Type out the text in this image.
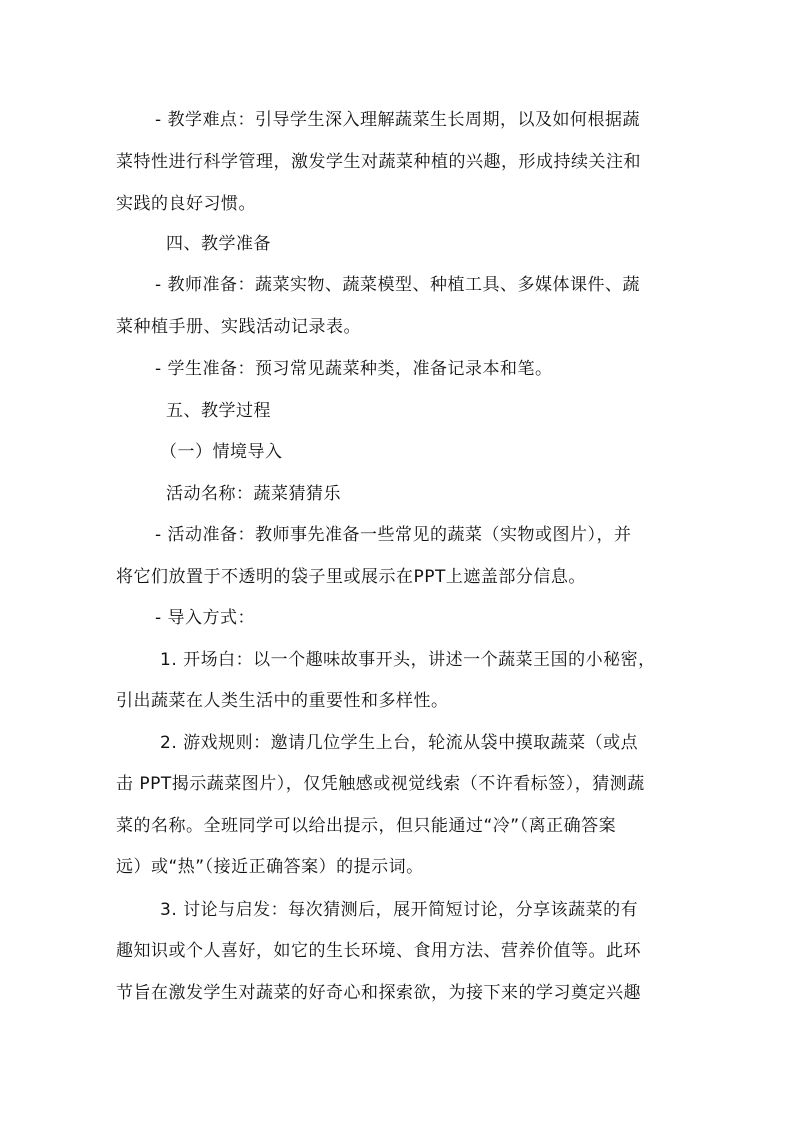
- 教学难点：引导学生深入理解蔬菜生长周期，以及如何根据蔬
菜特性进行科学管理，激发学生对蔬菜种植的兴趣，形成持续关注和
实践的良好习惯。
四、教学准备
- 教师准备：蔬菜实物、蔬菜模型、种植工具、多媒体课件、蔬
菜种植手册、实践活动记录表。
- 学生准备：预习常见蔬菜种类，准备记录本和笔。
五、教学过程
（一）情境导入
活动名称：蔬菜猜猜乐
- 活动准备：教师事先准备一些常见的蔬菜（实物或图片），并
将它们放置于不透明的袋子里或展示在PPT上遮盖部分信息。
- 导入方式：
1. 开场白：以一个趣味故事开头，讲述一个蔬菜王国的小秘密，
引出蔬菜在人类生活中的重要性和多样性。
2. 游戏规则：邀请几位学生上台，轮流从袋中摸取蔬菜（或点
击 PPT揭示蔬菜图片），仅凭触感或视觉线索（不许看标签），猜测蔬
菜的名称。全班同学可以给出提示，但只能通过“冷”（离正确答案
远）或“热”（接近正确答案）的提示词。
3. 讨论与启发：每次猜测后，展开简短讨论，分享该蔬菜的有
趣知识或个人喜好，如它的生长环境、食用方法、营养价值等。此环
节旨在激发学生对蔬菜的好奇心和探索欲，为接下来的学习奠定兴趣
